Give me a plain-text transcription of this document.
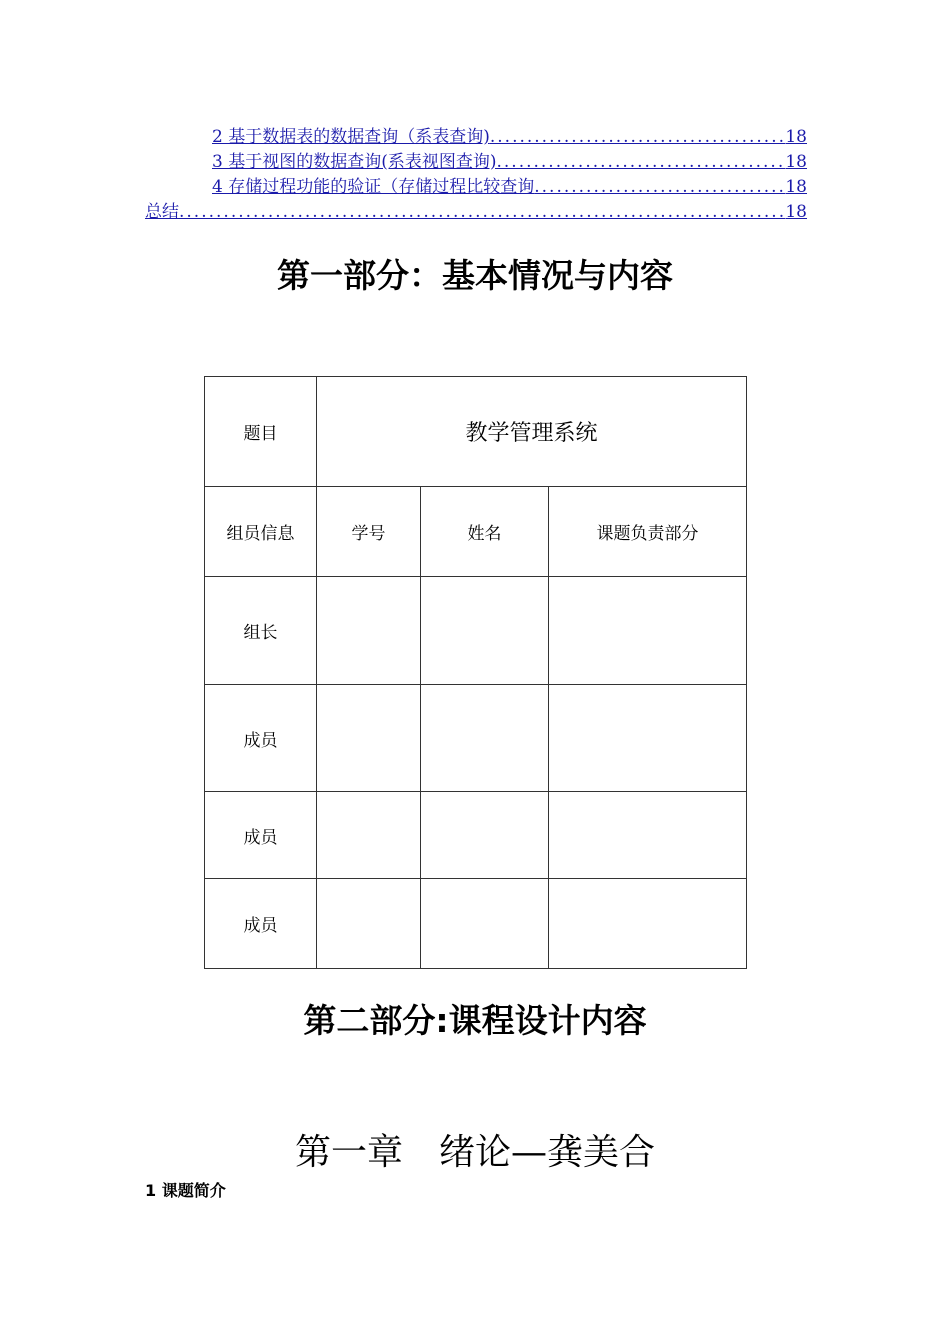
2 基于数据表的数据查询（系表查询) .....	18
3 基于视图的数据查询(系表视图查询) .....	18
4 存储过程功能的验证（存储过程比较查询 .....	18
总结 .....	18
第一部分：基本情况与内容
题目	教学管理系统		
组员信息	学号	姓名	课题负责部分
组长			
成员			
成员			
成员			
第二部分:课程设计内容
第一章　绪论—龚美合
1 课题简介
